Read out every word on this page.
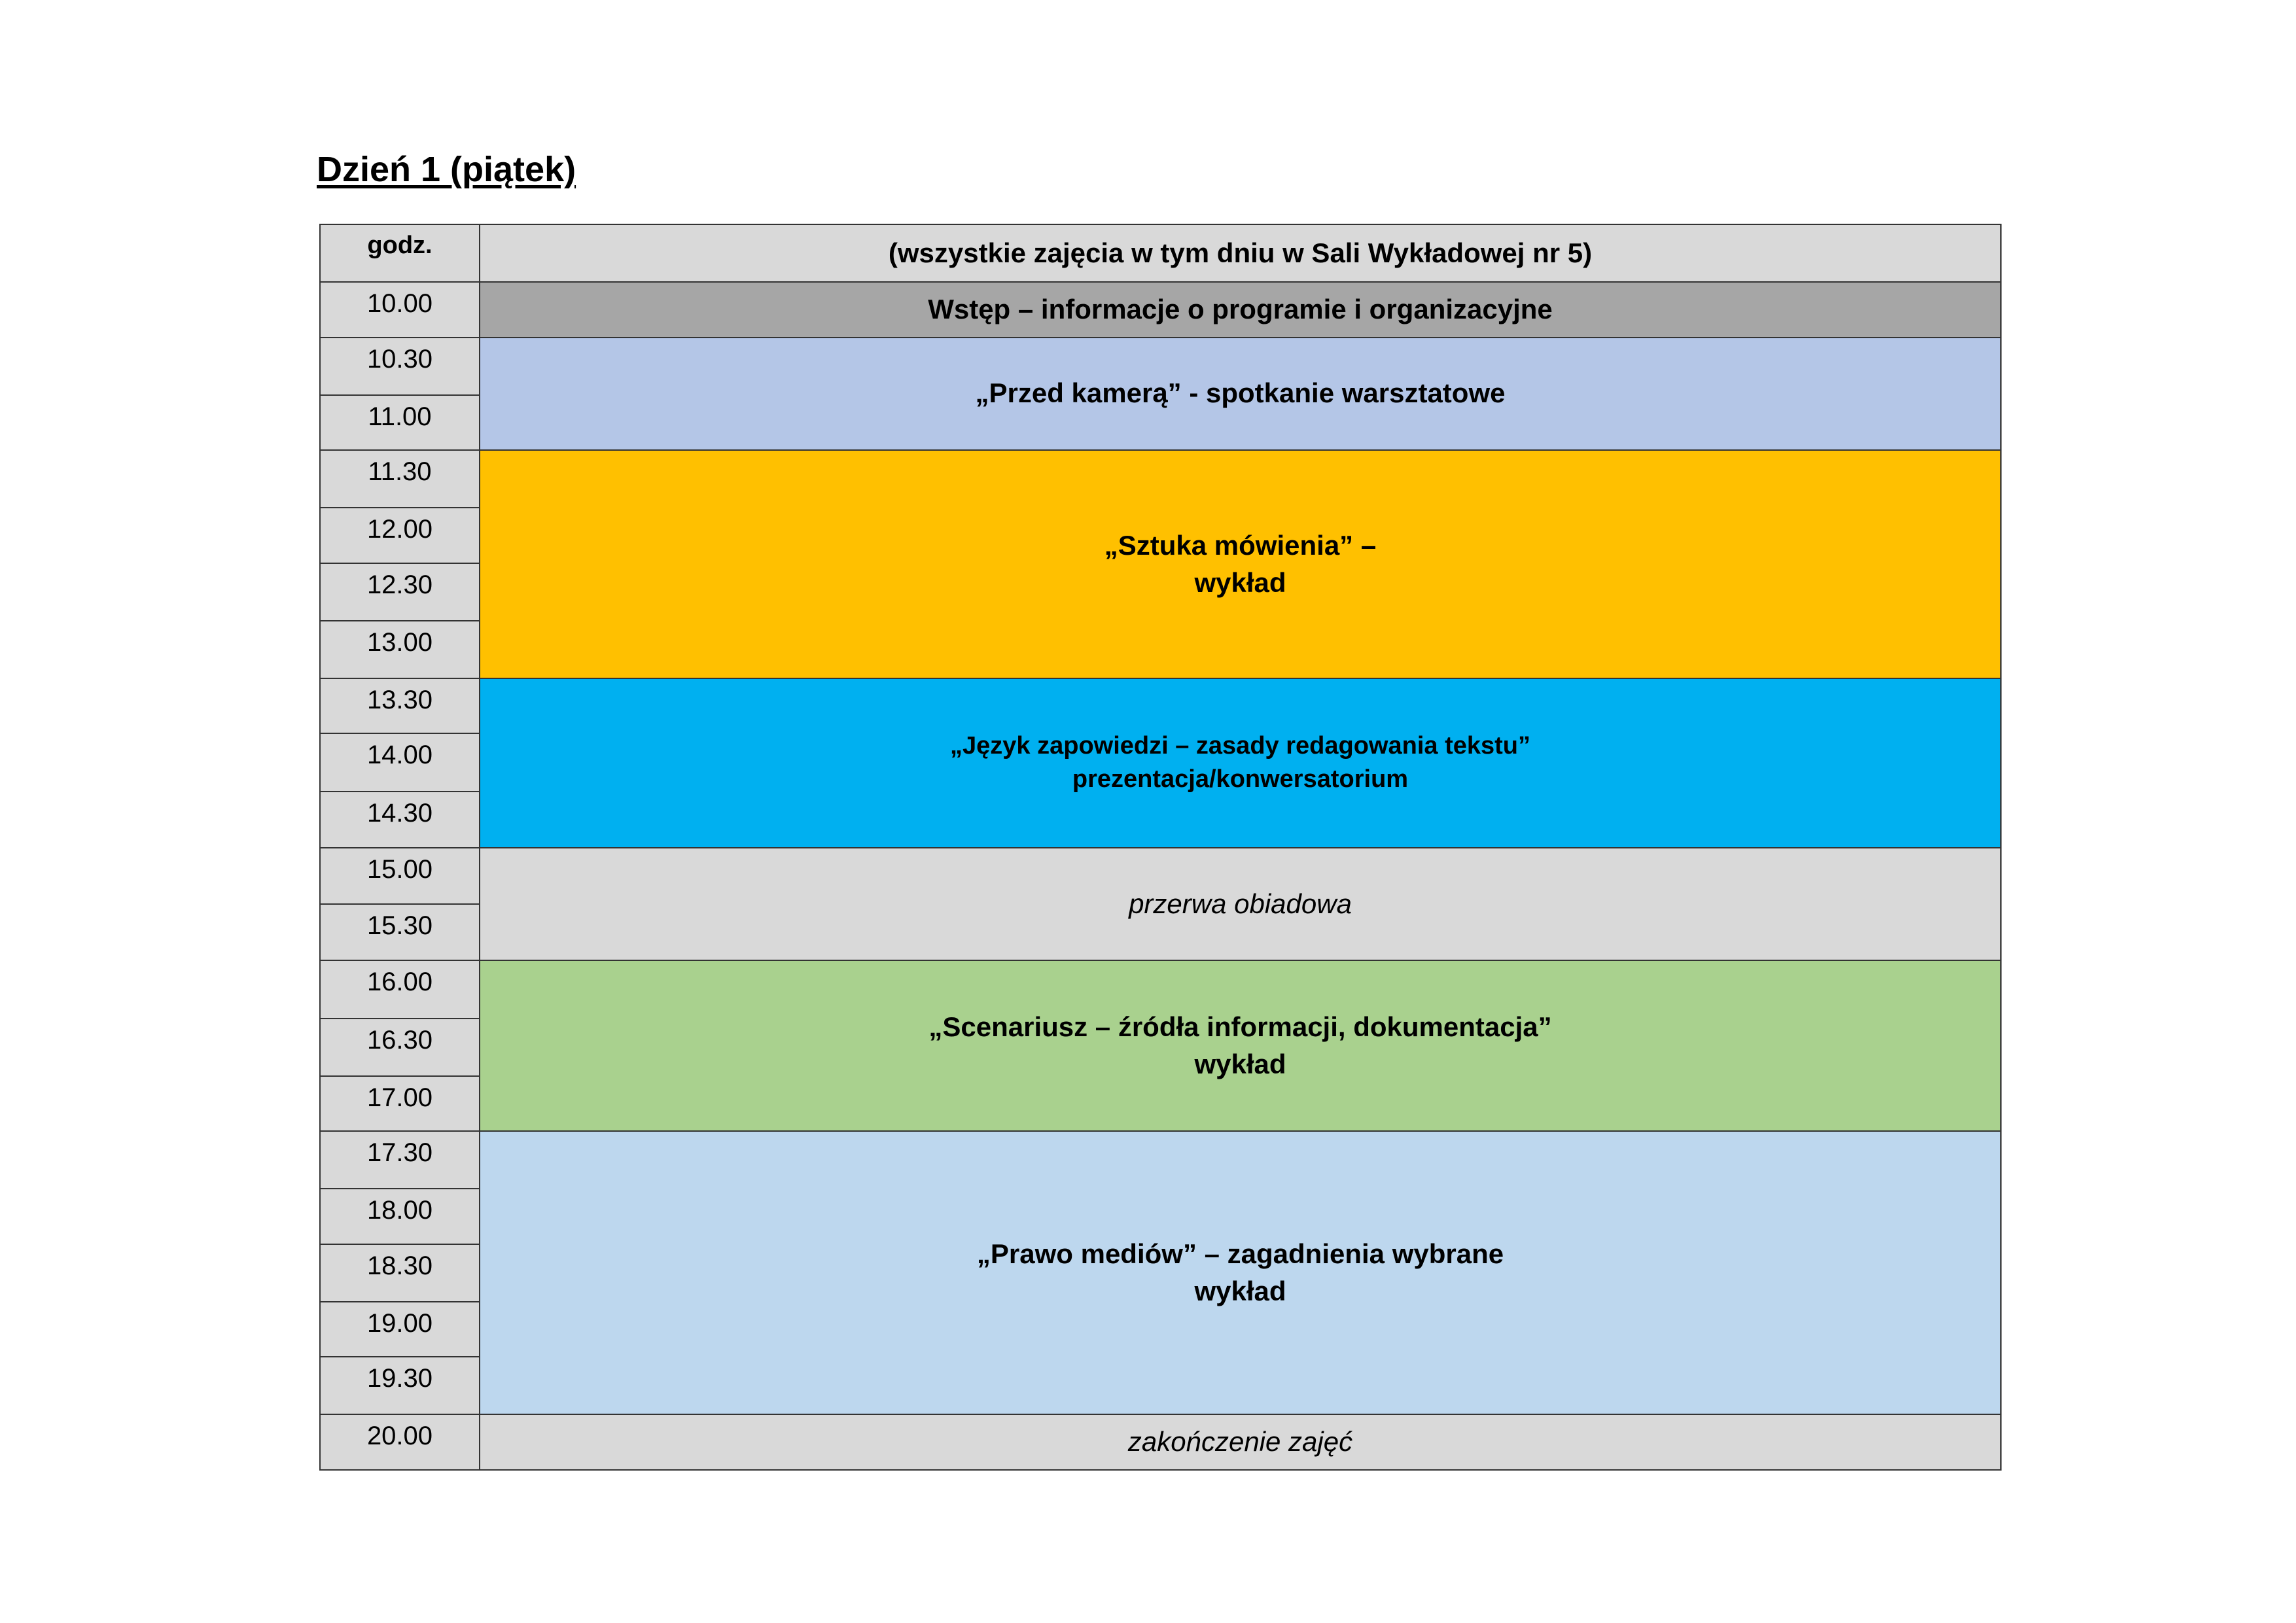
Dzień 1 (piątek)
godz.	(wszystkie zajęcia w tym dniu w Sali Wykładowej nr 5)
10.00	Wstęp – informacje o programie i organizacyjne
10.30	„Przed kamerą” - spotkanie warsztatowe
11.00	
11.30	„Sztuka mówienia” –
wykład

12.00	
12.30	
13.00	
13.30	„Język zapowiedzi – zasady redagowania tekstu”
prezentacja/konwersatorium

14.00	
14.30	
15.00	przerwa obiadowa
15.30	
16.00	„Scenariusz – źródła informacji, dokumentacja”
wykład

16.30	
17.00	
17.30	„Prawo mediów” – zagadnienia wybrane
wykład

18.00	
18.30	
19.00	
19.30	
20.00	zakończenie zajęć
